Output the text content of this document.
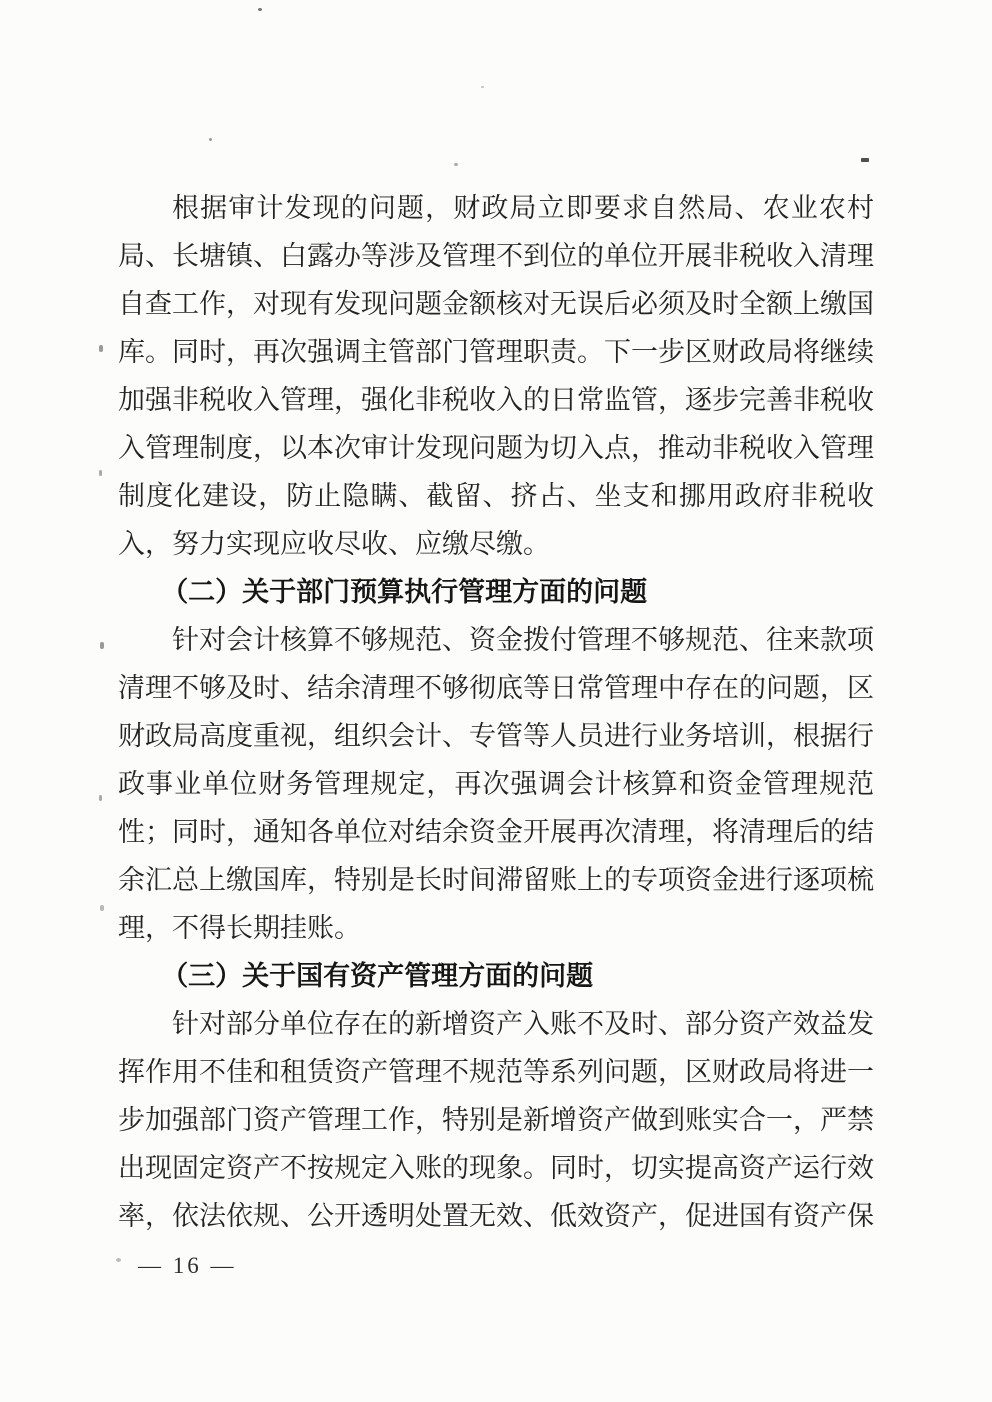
根据审计发现的问题，财政局立即要求自然局、农业农村局、长塘镇、白露办等涉及管理不到位的单位开展非税收入清理自查工作，对现有发现问题金额核对无误后必须及时全额上缴国库。同时，再次强调主管部门管理职责。下一步区财政局将继续加强非税收入管理，强化非税收入的日常监管，逐步完善非税收入管理制度，以本次审计发现问题为切入点，推动非税收入管理制度化建设，防止隐瞒、截留、挤占、坐支和挪用政府非税收入，努力实现应收尽收、应缴尽缴。

（二）关于部门预算执行管理方面的问题

针对会计核算不够规范、资金拨付管理不够规范、往来款项清理不够及时、结余清理不够彻底等日常管理中存在的问题，区财政局高度重视，组织会计、专管等人员进行业务培训，根据行政事业单位财务管理规定，再次强调会计核算和资金管理规范性；同时，通知各单位对结余资金开展再次清理，将清理后的结余汇总上缴国库，特别是长时间滞留账上的专项资金进行逐项梳理，不得长期挂账。

（三）关于国有资产管理方面的问题

针对部分单位存在的新增资产入账不及时、部分资产效益发挥作用不佳和租赁资产管理不规范等系列问题，区财政局将进一步加强部门资产管理工作，特别是新增资产做到账实合一，严禁出现固定资产不按规定入账的现象。同时，切实提高资产运行效率，依法依规、公开透明处置无效、低效资产，促进国有资产保

— 16 —
